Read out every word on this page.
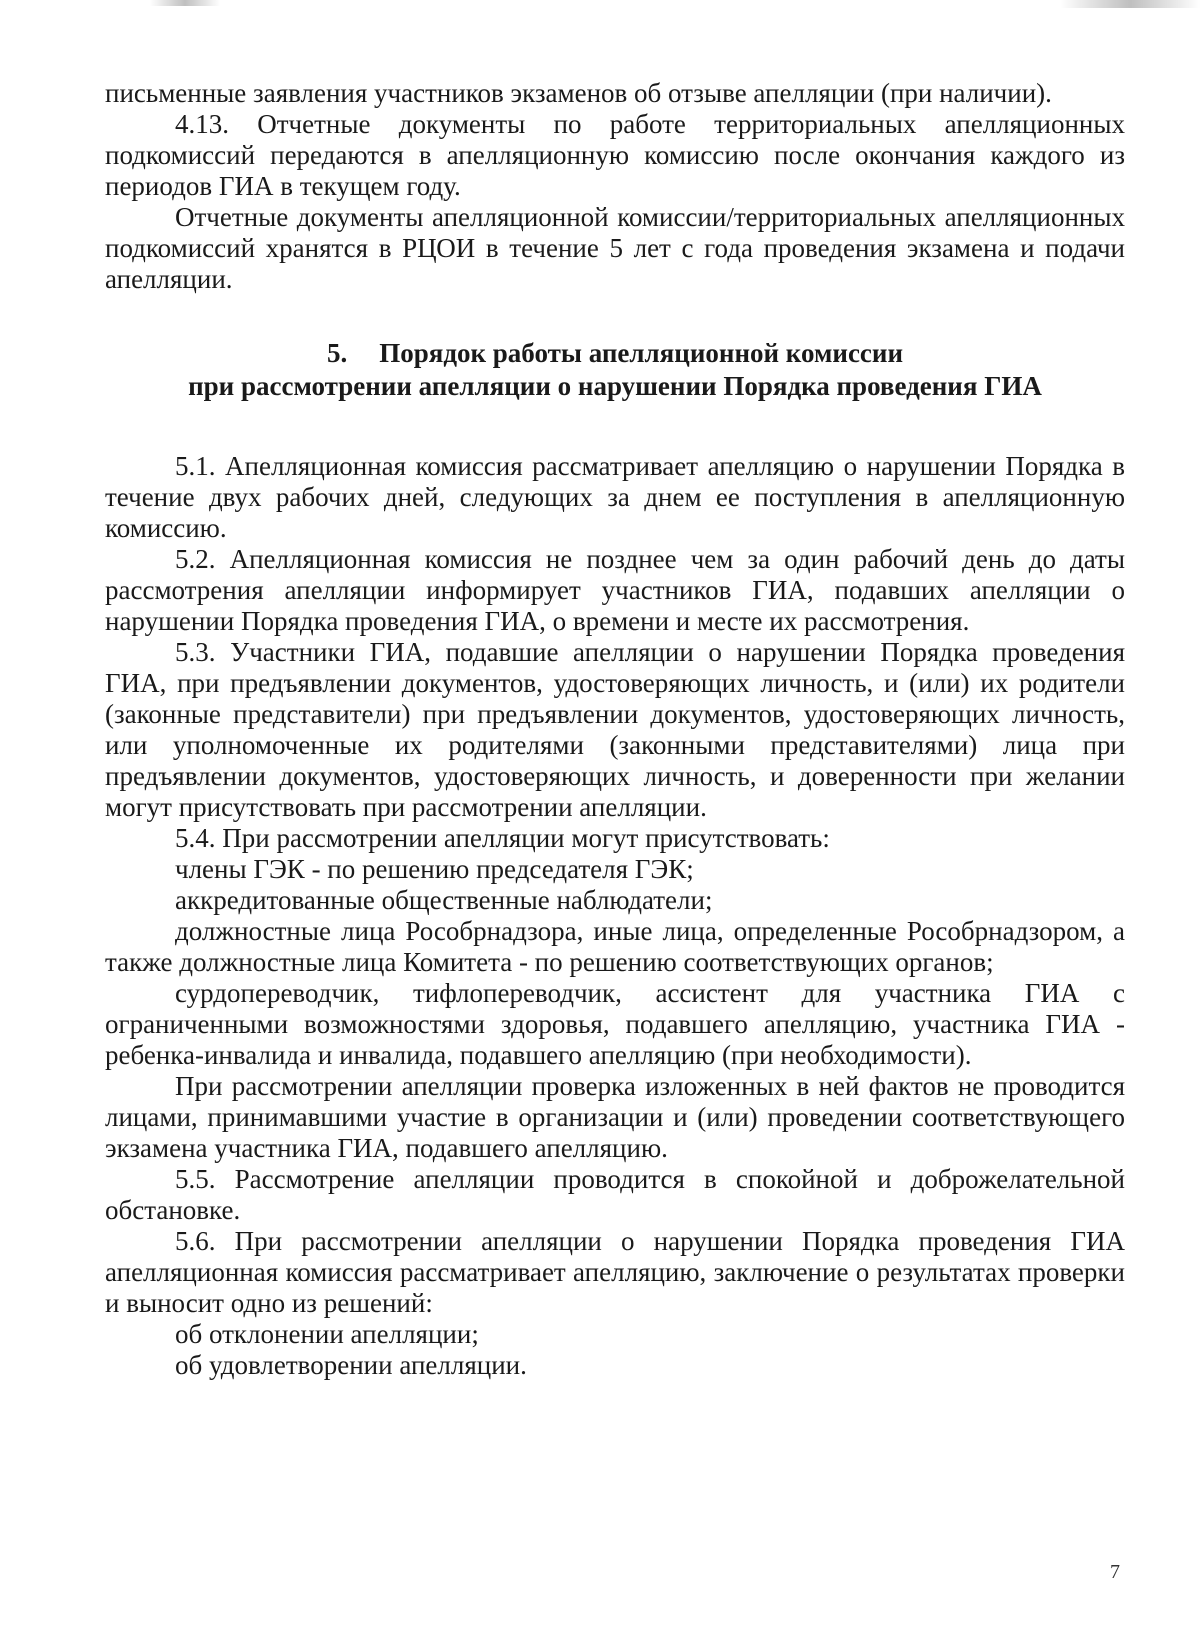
письменные заявления участников экзаменов об отзыве апелляции (при наличии).

4.13. Отчетные документы по работе территориальных апелляционных подкомиссий передаются в апелляционную комиссию после окончания каждого из периодов ГИА в текущем году.

Отчетные документы апелляционной комиссии/территориальных апелляционных подкомиссий хранятся в РЦОИ в течение 5 лет с года проведения экзамена и подачи апелляции.

5. Порядок работы апелляционной комиссии
при рассмотрении апелляции о нарушении Порядка проведения ГИА

5.1. Апелляционная комиссия рассматривает апелляцию о нарушении Порядка в течение двух рабочих дней, следующих за днем ее поступления в апелляционную комиссию.

5.2. Апелляционная комиссия не позднее чем за один рабочий день до даты рассмотрения апелляции информирует участников ГИА, подавших апелляции о нарушении Порядка проведения ГИА, о времени и месте их рассмотрения.

5.3. Участники ГИА, подавшие апелляции о нарушении Порядка проведения ГИА, при предъявлении документов, удостоверяющих личность, и (или) их родители (законные представители) при предъявлении документов, удостоверяющих личность, или уполномоченные их родителями (законными представителями) лица при предъявлении документов, удостоверяющих личность, и доверенности при желании могут присутствовать при рассмотрении апелляции.

5.4. При рассмотрении апелляции могут присутствовать:

члены ГЭК - по решению председателя ГЭК;

аккредитованные общественные наблюдатели;

должностные лица Рособрнадзора, иные лица, определенные Рособрнадзором, а также должностные лица Комитета - по решению соответствующих органов;

сурдопереводчик, тифлопереводчик, ассистент для участника ГИА с ограниченными возможностями здоровья, подавшего апелляцию, участника ГИА - ребенка-инвалида и инвалида, подавшего апелляцию (при необходимости).

При рассмотрении апелляции проверка изложенных в ней фактов не проводится лицами, принимавшими участие в организации и (или) проведении соответствующего экзамена участника ГИА, подавшего апелляцию.

5.5. Рассмотрение апелляции проводится в спокойной и доброжелательной обстановке.

5.6. При рассмотрении апелляции о нарушении Порядка проведения ГИА апелляционная комиссия рассматривает апелляцию, заключение о результатах проверки и выносит одно из решений:

об отклонении апелляции;

об удовлетворении апелляции.

7
